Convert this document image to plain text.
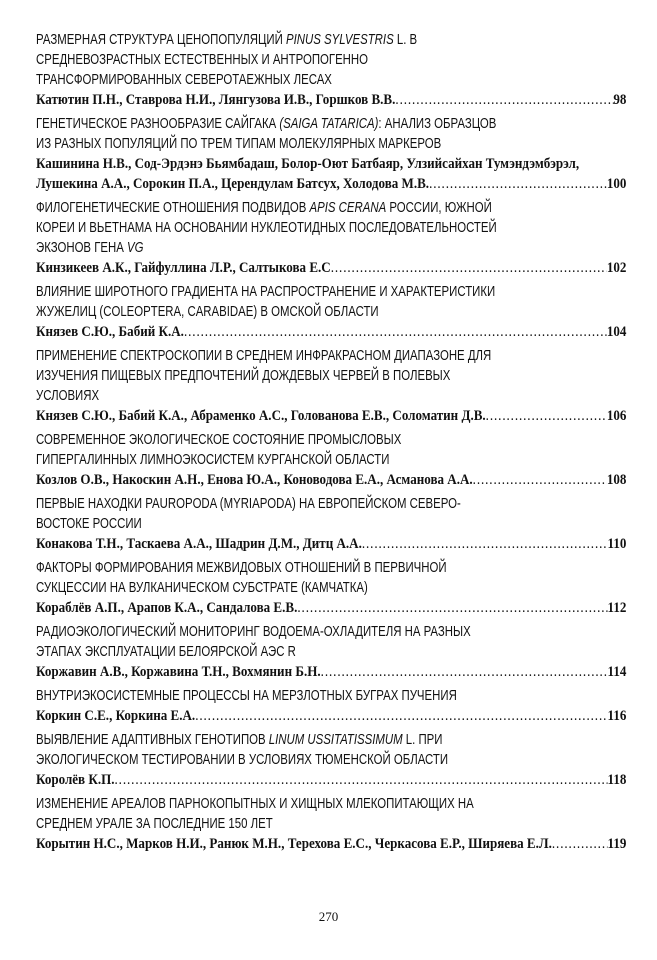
РАЗМЕРНАЯ СТРУКТУРА ЦЕНОПОПУЛЯЦИЙ PINUS SYLVESTRIS L. В
СРЕДНЕВОЗРАСТНЫХ ЕСТЕСТВЕННЫХ И АНТРОПОГЕННО
ТРАНСФОРМИРОВАННЫХ СЕВЕРОТАЕЖНЫХ ЛЕСАХ
Катютин П.Н., Ставрова Н.И., Лянгузова И.В., Горшков В.В. .....	98
ГЕНЕТИЧЕСКОЕ РАЗНООБРАЗИЕ САЙГАКА (SAIGA TATARICA): АНАЛИЗ ОБРАЗЦОВ
ИЗ РАЗНЫХ ПОПУЛЯЦИЙ ПО ТРЕМ ТИПАМ МОЛЕКУЛЯРНЫХ МАРКЕРОВ
Кашинина Н.В., Сод-Эрдэнэ Бьямбадаш, Болор-Оют Батбаяр, Улзийсайхан Тумэндэмбэрэл,
Лушекина А.А., Сорокин П.А., Церендулам Батсух, Холодова М.В. .....	100
ФИЛОГЕНЕТИЧЕСКИЕ ОТНОШЕНИЯ ПОДВИДОВ APIS CERANA РОССИИ, ЮЖНОЙ
КОРЕИ И ВЬЕТНАМА НА ОСНОВАНИИ НУКЛЕОТИДНЫХ ПОСЛЕДОВАТЕЛЬНОСТЕЙ
ЭКЗОНОВ ГЕНА VG
Кинзикеев А.К., Гайфуллина Л.Р., Салтыкова Е.С .....	102
ВЛИЯНИЕ ШИРОТНОГО ГРАДИЕНТА НА РАСПРОСТРАНЕНИЕ И ХАРАКТЕРИСТИКИ
ЖУЖЕЛИЦ (COLEOPTERA, CARABIDAE) В ОМСКОЙ ОБЛАСТИ
Князев С.Ю., Бабий К.А. .....	104
ПРИМЕНЕНИЕ СПЕКТРОСКОПИИ В СРЕДНЕМ ИНФРАКРАСНОМ ДИАПАЗОНЕ ДЛЯ
ИЗУЧЕНИЯ ПИЩЕВЫХ ПРЕДПОЧТЕНИЙ ДОЖДЕВЫХ ЧЕРВЕЙ В ПОЛЕВЫХ
УСЛОВИЯХ
Князев С.Ю., Бабий К.А., Абраменко А.С., Голованова Е.В., Соломатин Д.В. .....	106
СОВРЕМЕННОЕ ЭКОЛОГИЧЕСКОЕ СОСТОЯНИЕ ПРОМЫСЛОВЫХ
ГИПЕРГАЛИННЫХ ЛИМНОЭКОСИСТЕМ КУРГАНСКОЙ ОБЛАСТИ
Козлов О.В., Накоскин А.Н., Енова Ю.А., Коноводова Е.А., Асманова А.А. .....	108
ПЕРВЫЕ НАХОДКИ PAUROPODA (MYRIAPODA) НА ЕВРОПЕЙСКОМ СЕВЕРО-
ВОСТОКЕ РОССИИ
Конакова Т.Н., Таскаева А.А., Шадрин Д.М., Дитц А.А. .....	110
ФАКТОРЫ ФОРМИРОВАНИЯ МЕЖВИДОВЫХ ОТНОШЕНИЙ В ПЕРВИЧНОЙ
СУКЦЕССИИ НА ВУЛКАНИЧЕСКОМ СУБСТРАТЕ (КАМЧАТКА)
Кораблёв А.П., Арапов К.А., Сандалова Е.В. .....	112
РАДИОЭКОЛОГИЧЕСКИЙ МОНИТОРИНГ ВОДОЕМА-ОХЛАДИТЕЛЯ НА РАЗНЫХ
ЭТАПАХ ЭКСПЛУАТАЦИИ БЕЛОЯРСКОЙ АЭС R
Коржавин А.В., Коржавина Т.Н., Вохмянин Б.Н. .....	114
ВНУТРИЭКОСИСТЕМНЫЕ ПРОЦЕССЫ НА МЕРЗЛОТНЫХ БУГРАХ ПУЧЕНИЯ
Коркин С.Е., Коркина Е.А. .....	116
ВЫЯВЛЕНИЕ АДАПТИВНЫХ ГЕНОТИПОВ LINUM USSITATISSIMUM L. ПРИ
ЭКОЛОГИЧЕСКОМ ТЕСТИРОВАНИИ В УСЛОВИЯХ ТЮМЕНСКОЙ ОБЛАСТИ
Королёв К.П. .....	118
ИЗМЕНЕНИЕ АРЕАЛОВ ПАРНОКОПЫТНЫХ И ХИЩНЫХ МЛЕКОПИТАЮЩИХ НА
СРЕДНЕМ УРАЛЕ ЗА ПОСЛЕДНИЕ 150 ЛЕТ
Корытин Н.С., Марков Н.И., Ранюк М.Н., Терехова Е.С., Черкасова Е.Р., Ширяева Е.Л. .....	119
270
